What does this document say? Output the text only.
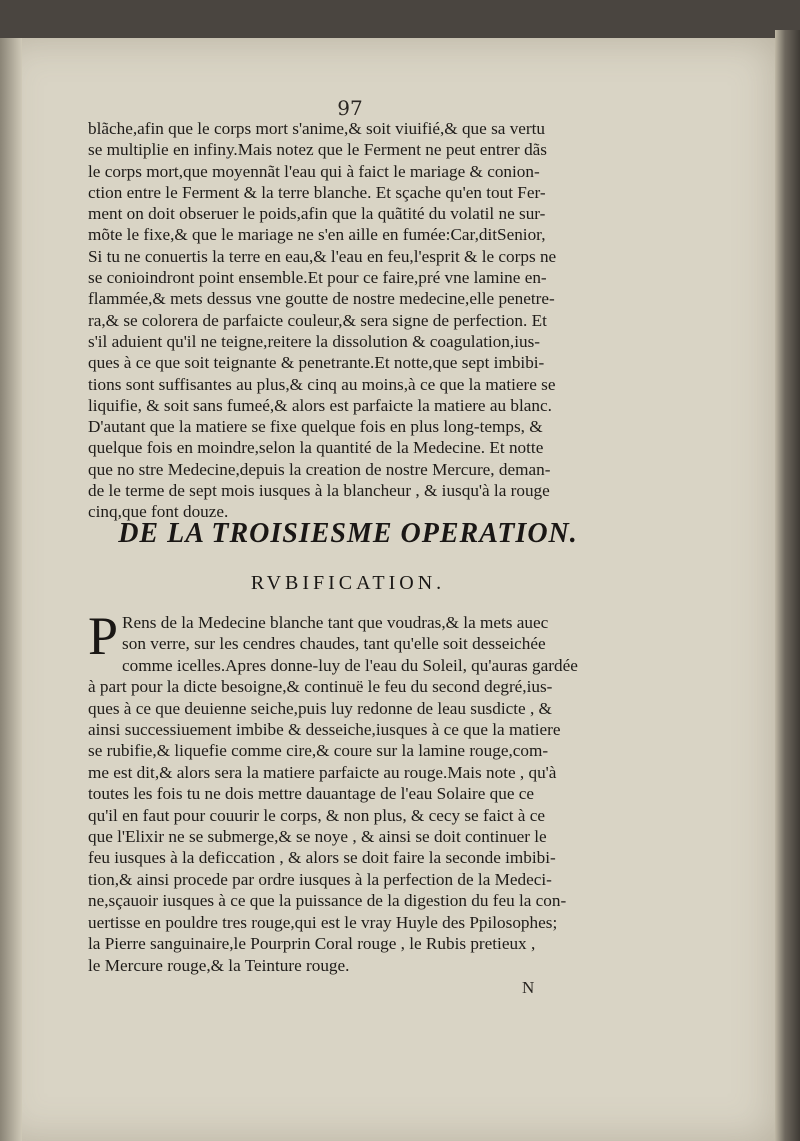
97
blãche,afin que le corps mort s'anime,& soit viuifié,& que sa vertu
se multiplie en infiny.Mais notez que le Ferment ne peut entrer dãs
le corps mort,que moyennãt l'eau qui à faict le mariage & conion-
ction entre le Ferment & la terre blanche. Et sçache qu'en tout Fer-
ment on doit obseruer le poids,afin que la quãtité du volatil ne sur-
mõte le fixe,& que le mariage ne s'en aille en fumée:Car,ditSenior,
Si tu ne conuertis la terre en eau,& l'eau en feu,l'esprit & le corps ne
se conioindront point ensemble.Et pour ce faire,pré vne lamine en-
flammée,& mets dessus vne goutte de nostre medecine,elle penetre-
ra,& se colorera de parfaicte couleur,& sera signe de perfection. Et
s'il aduient qu'il ne teigne,reitere la dissolution & coagulation,ius-
ques à ce que soit teignante & penetrante.Et notte,que sept imbibi-
tions sont suffisantes au plus,& cinq au moins,à ce que la matiere se
liquifie, & soit sans fumeé,& alors est parfaicte la matiere au blanc.
D'autant que la matiere se fixe quelque fois en plus long-temps, &
quelque fois en moindre,selon la quantité de la Medecine. Et notte
que no stre Medecine,depuis la creation de nostre Mercure, deman-
de le terme de sept mois iusques à la blancheur , & iusqu'à la rouge
cinq,que font douze.
DE LA TROISIESME OPERATION.
RVBIFICATION.
P Rens de la Medecine blanche tant que voudras,& la mets auec
son verre, sur les cendres chaudes, tant qu'elle soit desseichée
comme icelles.Apres donne-luy de l'eau du Soleil, qu'auras gardée
à part pour la dicte besoigne,& continuë le feu du second degré,ius-
ques à ce que deuienne seiche,puis luy redonne de leau susdicte , &
ainsi successiuement imbibe & desseiche,iusques à ce que la matiere
se rubifie,& liquefie comme cire,& coure sur la lamine rouge,com-
me est dit,& alors sera la matiere parfaicte au rouge.Mais note , qu'à
toutes les fois tu ne dois mettre dauantage de l'eau Solaire que ce
qu'il en faut pour couurir le corps, & non plus, & cecy se faict à ce
que l'Elixir ne se submerge,& se noye , & ainsi se doit continuer le
feu iusques à la deficcation , & alors se doit faire la seconde imbibi-
tion,& ainsi procede par ordre iusques à la perfection de la Medeci-
ne,sçauoir iusques à ce que la puissance de la digestion du feu la con-
uertisse en pouldre tres rouge,qui est le vray Huyle des Ppilosophes;
la Pierre sanguinaire,le Pourprin Coral rouge , le Rubis pretieux ,
le Mercure rouge,& la Teinture rouge.
N
